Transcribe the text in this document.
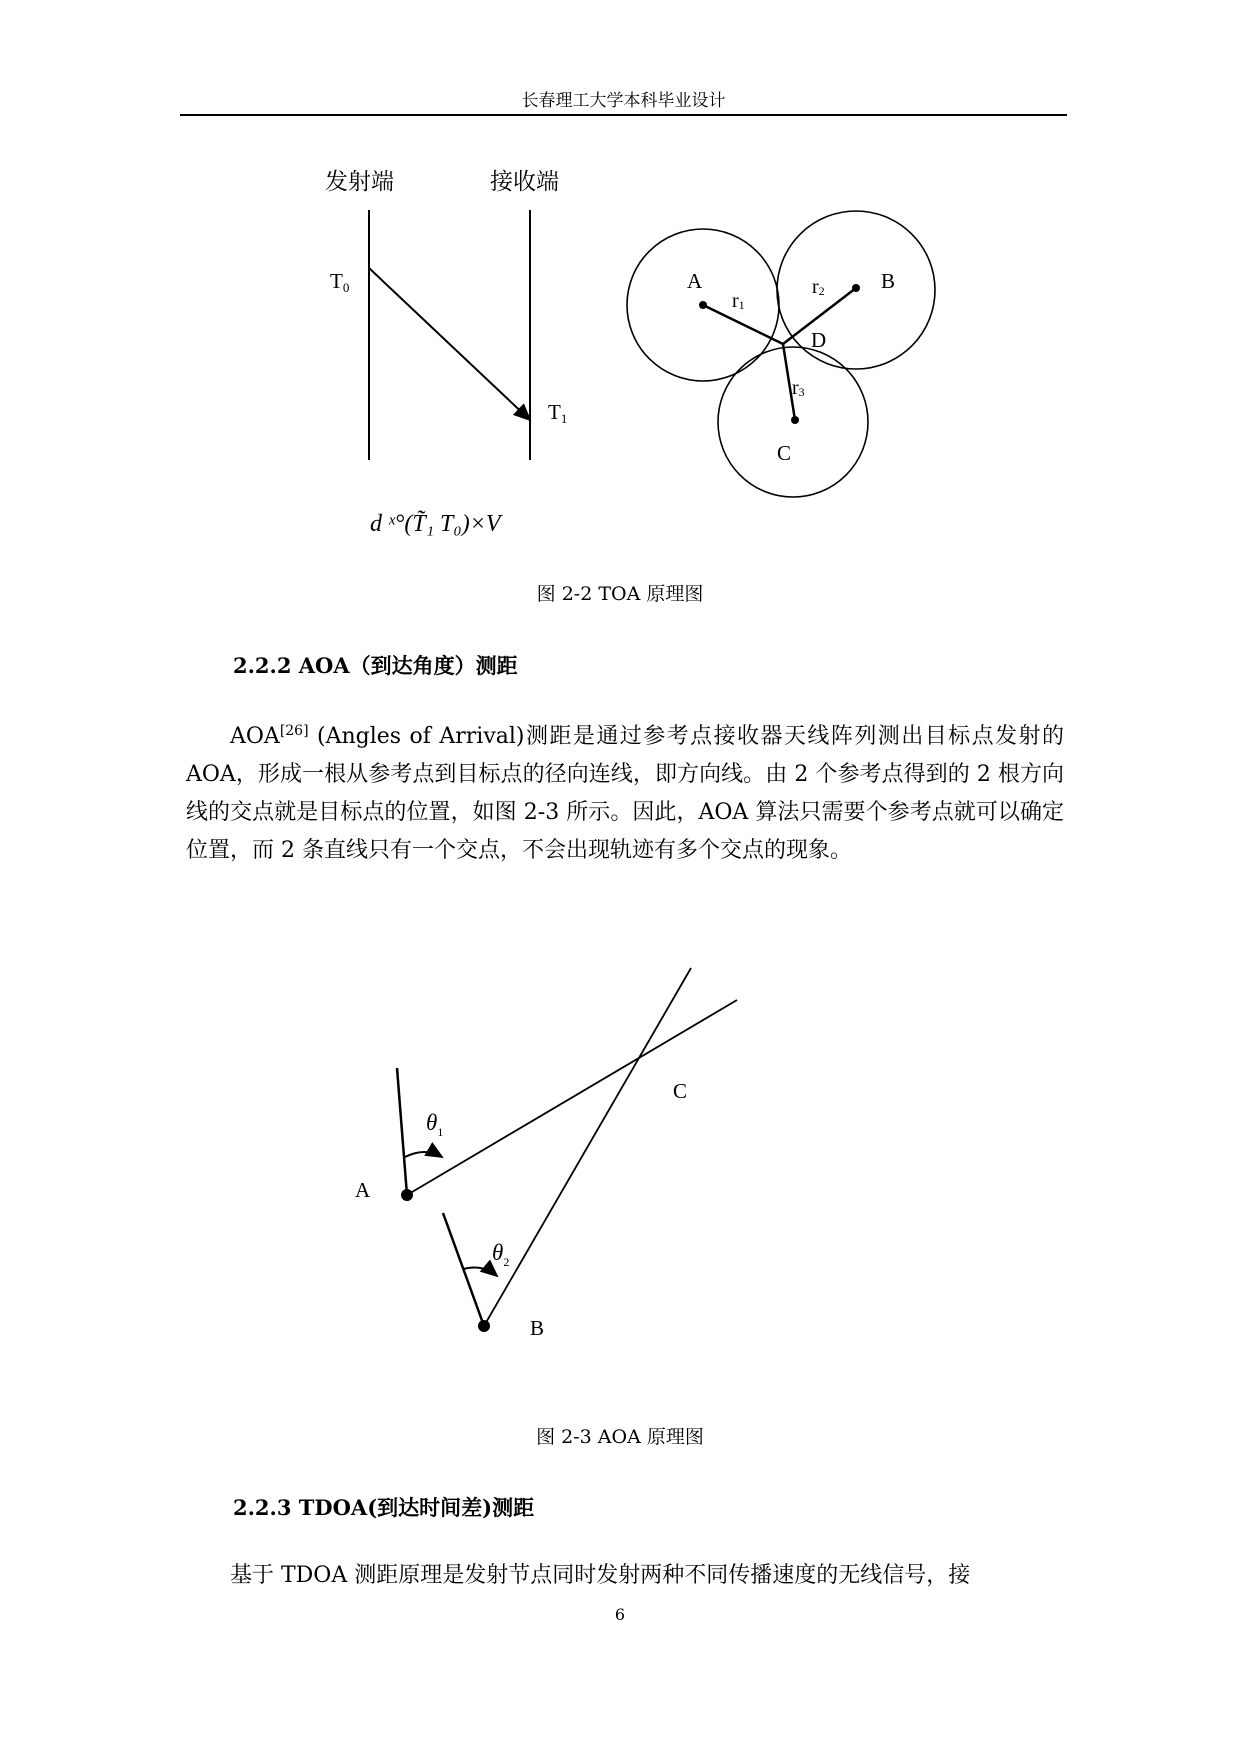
长春理工大学本科毕业设计
发射端	接收端
T0
T1
d ˣ°(T̃₁ T₀)×V
A	B
C
D
r1
r2
r3
A
B
C
$\theta_1$
$\theta_2$
图 2-2 TOA 原理图
2.2.2 AOA（到达角度）测距
AOA[26] (Angles of Arrival)测距是通过参考点接收器天线阵列测出目标点发射的 AOA，形成一根从参考点到目标点的径向连线，即方向线。由 2 个参考点得到的 2 根方向线的交点就是目标点的位置，如图 2-3 所示。因此，AOA 算法只需要个参考点就可以确定位置，而 2 条直线只有一个交点，不会出现轨迹有多个交点的现象。
图 2-3 AOA 原理图
2.2.3 TDOA(到达时间差)测距
基于 TDOA 测距原理是发射节点同时发射两种不同传播速度的无线信号，接
6
